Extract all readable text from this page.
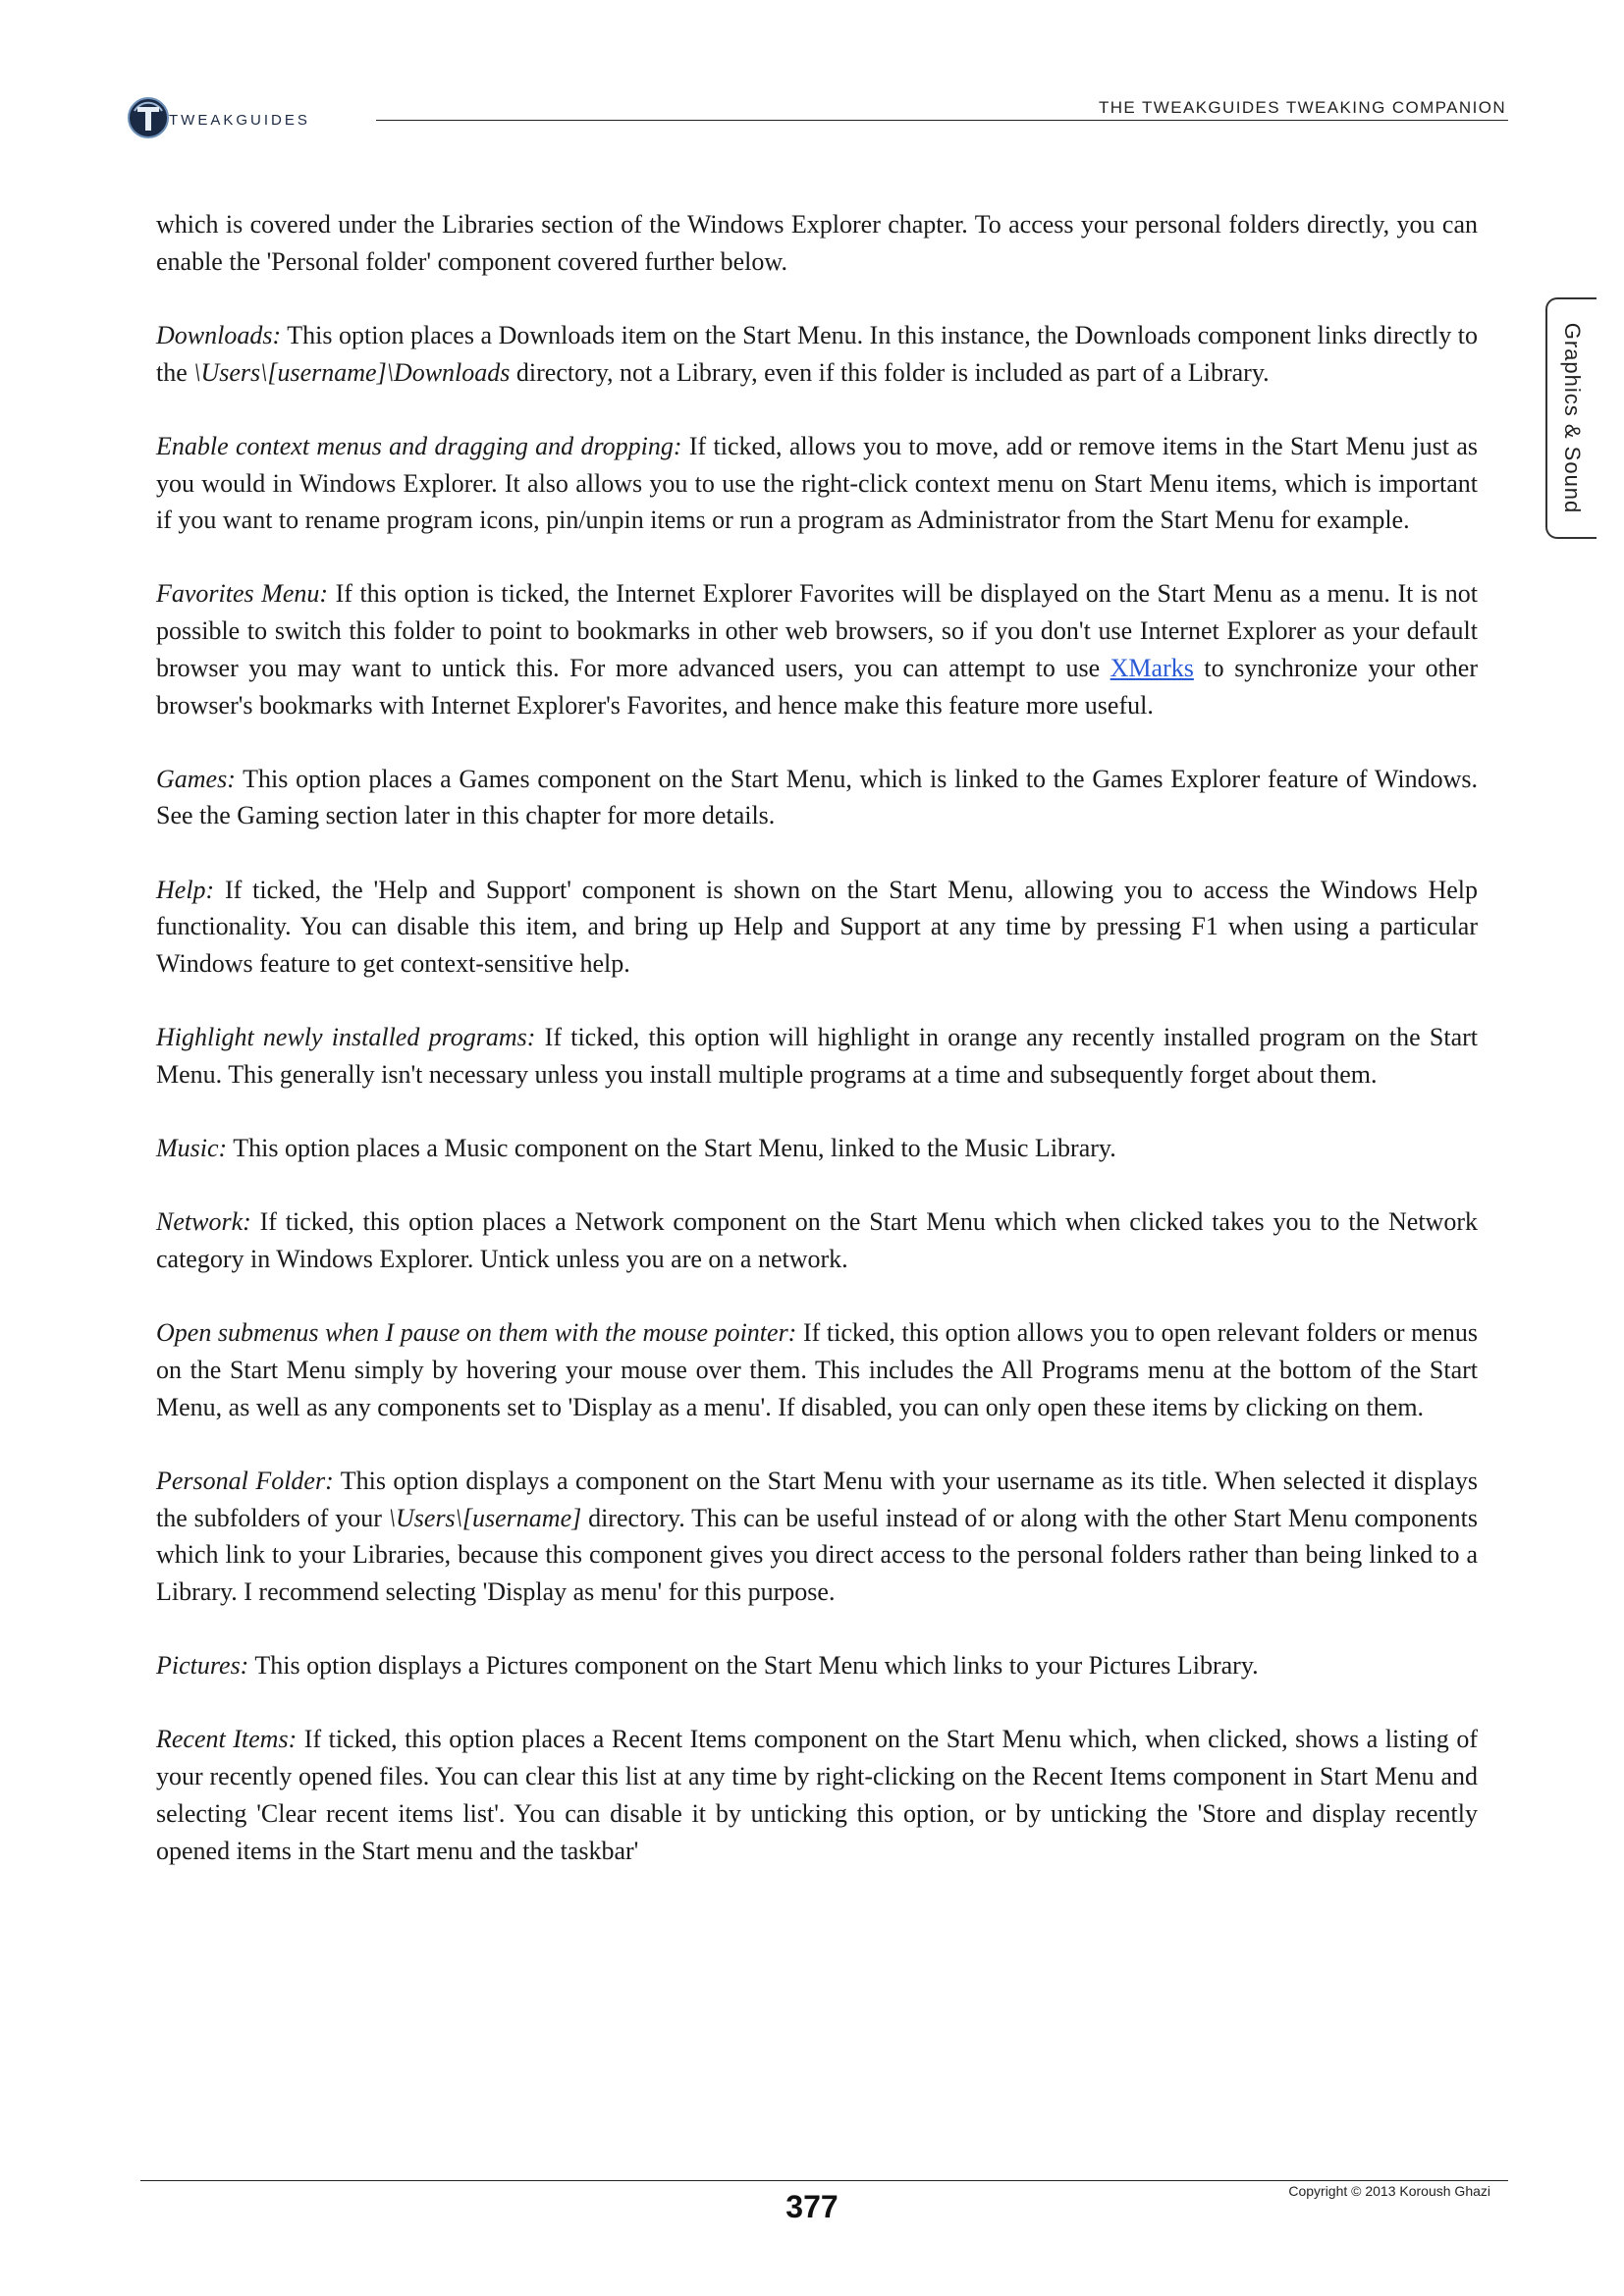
TWEAKGUIDES
THE TWEAKGUIDES TWEAKING COMPANION
Graphics & Sound

which is covered under the Libraries section of the Windows Explorer chapter. To access your personal folders directly, you can enable the 'Personal folder' component covered further below.

Downloads: This option places a Downloads item on the Start Menu. In this instance, the Downloads component links directly to the \Users\[username]\Downloads directory, not a Library, even if this folder is included as part of a Library.

Enable context menus and dragging and dropping: If ticked, allows you to move, add or remove items in the Start Menu just as you would in Windows Explorer. It also allows you to use the right-click context menu on Start Menu items, which is important if you want to rename program icons, pin/unpin items or run a program as Administrator from the Start Menu for example.

Favorites Menu: If this option is ticked, the Internet Explorer Favorites will be displayed on the Start Menu as a menu. It is not possible to switch this folder to point to bookmarks in other web browsers, so if you don't use Internet Explorer as your default browser you may want to untick this. For more advanced users, you can attempt to use XMarks to synchronize your other browser's bookmarks with Internet Explorer's Favorites, and hence make this feature more useful.

Games: This option places a Games component on the Start Menu, which is linked to the Games Explorer feature of Windows. See the Gaming section later in this chapter for more details.

Help: If ticked, the 'Help and Support' component is shown on the Start Menu, allowing you to access the Windows Help functionality. You can disable this item, and bring up Help and Support at any time by pressing F1 when using a particular Windows feature to get context-sensitive help.

Highlight newly installed programs: If ticked, this option will highlight in orange any recently installed program on the Start Menu. This generally isn't necessary unless you install multiple programs at a time and subsequently forget about them.

Music: This option places a Music component on the Start Menu, linked to the Music Library.

Network: If ticked, this option places a Network component on the Start Menu which when clicked takes you to the Network category in Windows Explorer. Untick unless you are on a network.

Open submenus when I pause on them with the mouse pointer: If ticked, this option allows you to open relevant folders or menus on the Start Menu simply by hovering your mouse over them. This includes the All Programs menu at the bottom of the Start Menu, as well as any components set to 'Display as a menu'. If disabled, you can only open these items by clicking on them.

Personal Folder: This option displays a component on the Start Menu with your username as its title. When selected it displays the subfolders of your \Users\[username] directory. This can be useful instead of or along with the other Start Menu components which link to your Libraries, because this component gives you direct access to the personal folders rather than being linked to a Library. I recommend selecting 'Display as menu' for this purpose.

Pictures: This option displays a Pictures component on the Start Menu which links to your Pictures Library.

Recent Items: If ticked, this option places a Recent Items component on the Start Menu which, when clicked, shows a listing of your recently opened files. You can clear this list at any time by right-clicking on the Recent Items component in Start Menu and selecting 'Clear recent items list'. You can disable it by unticking this option, or by unticking the 'Store and display recently opened items in the Start menu and the taskbar'

377	Copyright © 2013 Koroush Ghazi
